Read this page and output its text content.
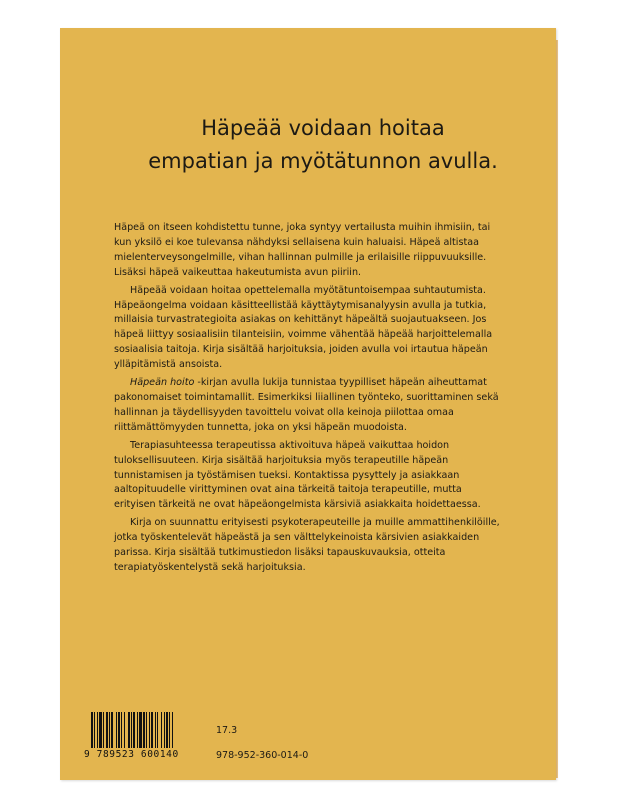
Häpeää voidaan hoitaa
empatian ja myötätunnon avulla.

Häpeä on itseen kohdistettu tunne, joka syntyy vertailusta muihin ihmisiin, tai kun yksilö ei koe tulevansa nähdyksi sellaisena kuin haluaisi. Häpeä altistaa mielenterveysongelmille, vihan hallinnan pulmille ja erilaisille riippuvuuksille. Lisäksi häpeä vaikeuttaa hakeutumista avun piiriin.

Häpeää voidaan hoitaa opettelemalla myötätuntoisempaa suhtautumista. Häpeäongelma voidaan käsitteellistää käyttäytymisanalyysin avulla ja tutkia, millaisia turvastrategioita asiakas on kehittänyt häpeältä suojautuakseen. Jos häpeä liittyy sosiaalisiin tilanteisiin, voimme vähentää häpeää harjoittelemalla sosiaalisia taitoja. Kirja sisältää harjoituksia, joiden avulla voi irtautua häpeän ylläpitämistä ansoista.

Häpeän hoito -kirjan avulla lukija tunnistaa tyypilliset häpeän aiheuttamat pakonomaiset toimintamallit. Esimerkiksi liiallinen työnteko, suorittaminen sekä hallinnan ja täydellisyyden tavoittelu voivat olla keinoja piilottaa omaa riittämättömyyden tunnetta, joka on yksi häpeän muodoista.

Terapiasuhteessa terapeutissa aktivoituva häpeä vaikuttaa hoidon tuloksellisuuteen. Kirja sisältää harjoituksia myös terapeutille häpeän tunnistamisen ja työstämisen tueksi. Kontaktissa pysyttely ja asiakkaan aaltopituudelle virittyminen ovat aina tärkeitä taitoja terapeutille, mutta erityisen tärkeitä ne ovat häpeäongelmista kärsiviä asiakkaita hoidettaessa.

Kirja on suunnattu erityisesti psykoterapeuteille ja muille ammattihenkilöille, jotka työskentelevät häpeästä ja sen välttelykeinoista kärsivien asiakkaiden parissa. Kirja sisältää tutkimustiedon lisäksi tapauskuvauksia, otteita terapiatyöskentelystä sekä harjoituksia.

9 789523 600140
17.3
978-952-360-014-0
